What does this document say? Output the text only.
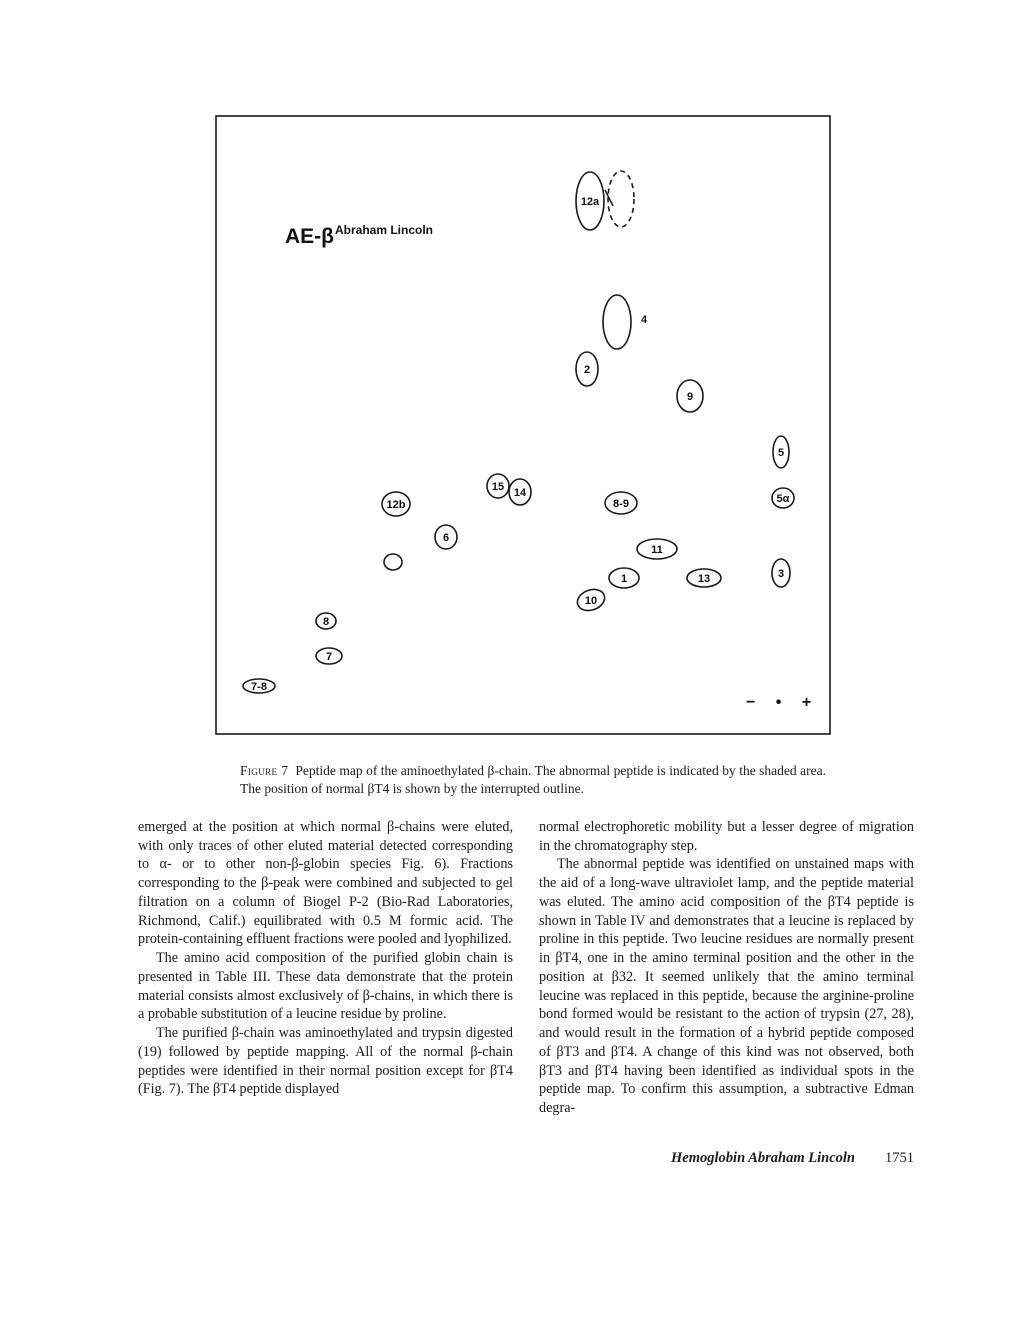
$AE-\beta^{Abraham Lincoln}$
− • +
12a
4
2
9
5
15 14
12b	8-9	5α
6
11
1	13	3
10
8
7
7-8

Figure 7 Peptide map of the aminoethylated β-chain. The abnormal peptide is indicated by the shaded area. The position of normal βT4 is shown by the interrupted outline.

emerged at the position at which normal β-chains were eluted, with only traces of other eluted material detected corresponding to α- or to other non-β-globin species Fig. 6). Fractions corresponding to the β-peak were combined and subjected to gel filtration on a column of Biogel P-2 (Bio-Rad Laboratories, Richmond, Calif.) equilibrated with 0.5 M formic acid. The protein-containing effluent fractions were pooled and lyophilized.

The amino acid composition of the purified globin chain is presented in Table III. These data demonstrate that the protein material consists almost exclusively of β-chains, in which there is a probable substitution of a leucine residue by proline.

The purified β-chain was aminoethylated and trypsin digested (19) followed by peptide mapping. All of the normal β-chain peptides were identified in their normal position except for βT4 (Fig. 7). The βT4 peptide displayed

normal electrophoretic mobility but a lesser degree of migration in the chromatography step.

The abnormal peptide was identified on unstained maps with the aid of a long-wave ultraviolet lamp, and the peptide material was eluted. The amino acid composition of the βT4 peptide is shown in Table IV and demonstrates that a leucine is replaced by proline in this peptide. Two leucine residues are normally present in βT4, one in the amino terminal position and the other in the position at β32. It seemed unlikely that the amino terminal leucine was replaced in this peptide, because the arginine-proline bond formed would be resistant to the action of trypsin (27, 28), and would result in the formation of a hybrid peptide composed of βT3 and βT4. A change of this kind was not observed, both βT3 and βT4 having been identified as individual spots in the peptide map. To confirm this assumption, a subtractive Edman degra-

Hemoglobin Abraham Lincoln 1751
